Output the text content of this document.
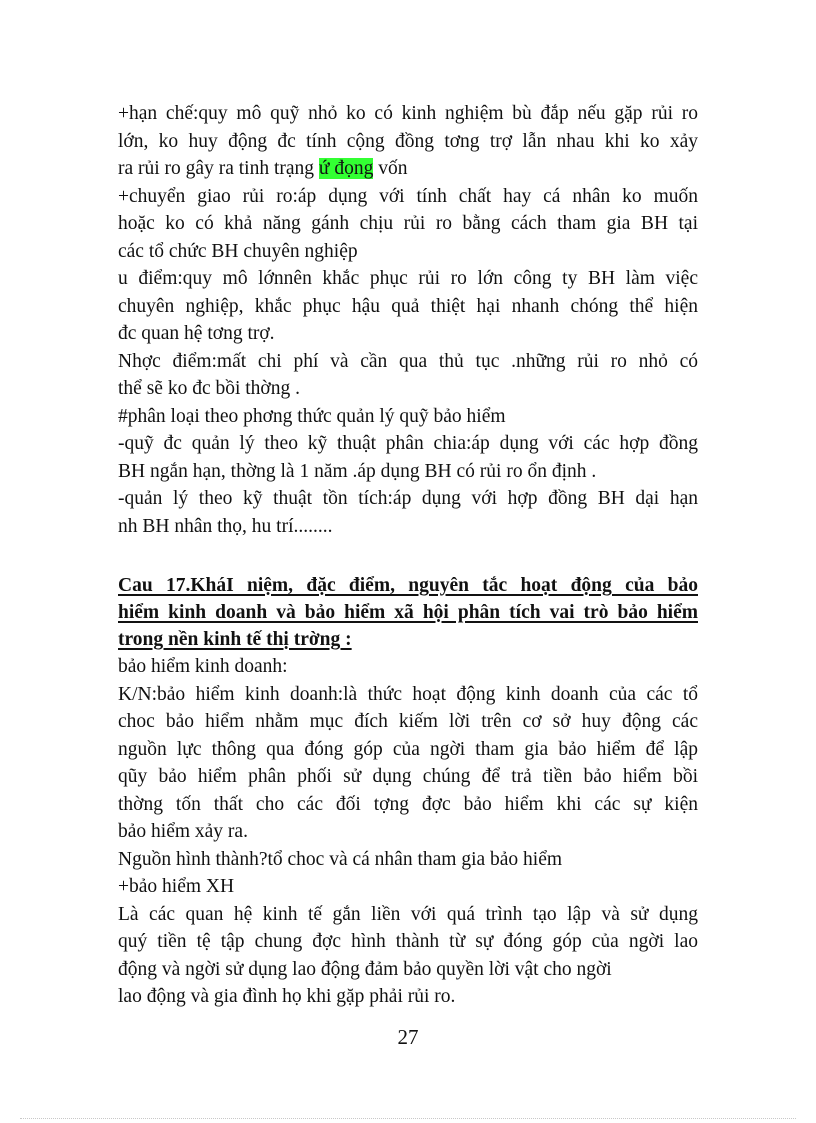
+hạn chế:quy mô quỹ nhỏ ko có kinh nghiệm bù đắp nếu gặp rủi ro
lớn, ko huy động đc tính cộng đồng tơng trợ lẫn nhau khi ko xảy
ra rủi ro gây ra tinh trạng ứ đọng vốn
+chuyển giao rủi ro:áp dụng với tính chất hay cá nhân ko muốn
hoặc ko có khả năng gánh chịu rủi ro bằng cách tham gia BH tại
các tổ chức BH chuyên nghiệp
u điểm:quy mô lớnnên khắc phục rủi ro lớn công ty BH làm việc
chuyên nghiệp, khắc phục hậu quả thiệt hại nhanh chóng thể hiện
đc quan hệ tơng trợ.
Nhợc điểm:mất chi phí và cần qua thủ tục .những rủi ro nhỏ có
thể sẽ ko đc bồi thờng .
#phân loại theo phơng thức quản lý quỹ bảo hiểm
-quỹ đc quản lý theo kỹ thuật phân chia:áp dụng với các hợp đồng
BH ngắn hạn, thờng là 1 năm .áp dụng BH có rủi ro ổn định .
-quản lý theo kỹ thuật tồn tích:áp dụng với hợp đồng BH dại hạn
nh BH nhân thọ, hu trí........
Cau 17.KháI niệm, đặc điểm, nguyên tắc hoạt động của bảo
hiểm kinh doanh và bảo hiểm xã hội phân tích vai trò bảo hiểm
trong nền kinh tế thị trờng :
bảo hiểm kinh doanh:
K/N:bảo hiểm kinh doanh:là thức hoạt động kinh doanh của các tổ
choc bảo hiểm nhằm mục đích kiếm lời trên cơ sở huy động các
nguồn lực thông qua đóng góp của ngời tham gia bảo hiểm để lập
qũy bảo hiểm phân phối sử dụng chúng để trả tiền bảo hiểm bồi
thờng tốn thất cho các đối tợng đợc bảo hiểm khi các sự kiện
bảo hiểm xảy ra.
Nguồn hình thành?tổ choc và cá nhân tham gia bảo hiểm
+bảo hiểm XH
Là các quan hệ kinh tế gắn liền với quá trình tạo lập và sử dụng
quý tiền tệ tập chung đợc hình thành từ sự đóng góp của ngời lao
động và ngời sử dụng lao động đảm bảo quyền lời vật cho ngời
lao động và gia đình họ khi gặp phải rủi ro.
27
